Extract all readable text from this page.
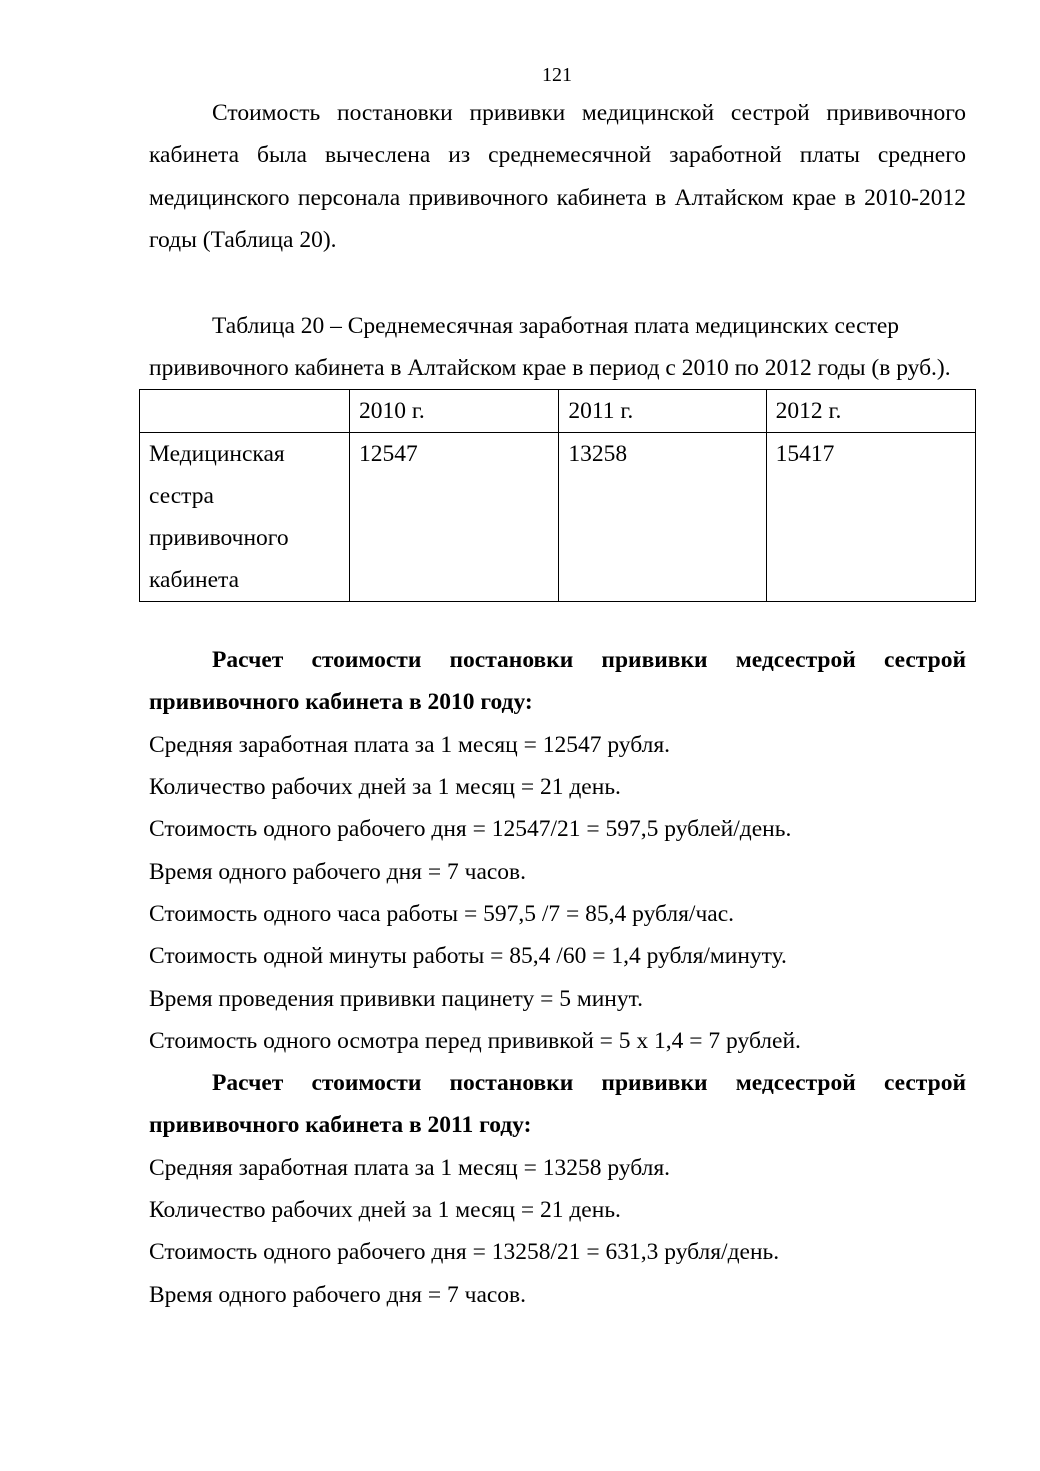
121

Стоимость постановки прививки медицинской сестрой прививочного кабинета была вычеслена из среднемесячной заработной платы среднего медицинского персонала прививочного кабинета в Алтайском крае в 2010-2012 годы (Таблица 20).

Таблица 20 – Среднемесячная заработная плата медицинских сестер прививочного кабинета в Алтайском крае в период с 2010 по 2012 годы (в руб.).

	2010 г.	2011 г.	2012 г.
Медицинская сестра прививочного кабинета	12547	13258	15417

Расчет стоимости постановки прививки медсестрой сестрой прививочного кабинета в 2010 году:

Средняя заработная плата за 1 месяц = 12547 рубля.

Количество рабочих дней за 1 месяц = 21 день.

Стоимость одного рабочего дня = 12547/21 = 597,5 рублей/день.

Время одного рабочего дня = 7 часов.

Стоимость одного часа работы = 597,5 /7 = 85,4 рубля/час.

Стоимость одной минуты работы = 85,4 /60 = 1,4 рубля/минуту.

Время проведения прививки пацинету = 5 минут.

Стоимость одного осмотра перед прививкой = 5 х 1,4 = 7 рублей.

Расчет стоимости постановки прививки медсестрой сестрой прививочного кабинета в 2011 году:

Средняя заработная плата за 1 месяц = 13258 рубля.

Количество рабочих дней за 1 месяц = 21 день.

Стоимость одного рабочего дня = 13258/21 = 631,3 рубля/день.

Время одного рабочего дня = 7 часов.
